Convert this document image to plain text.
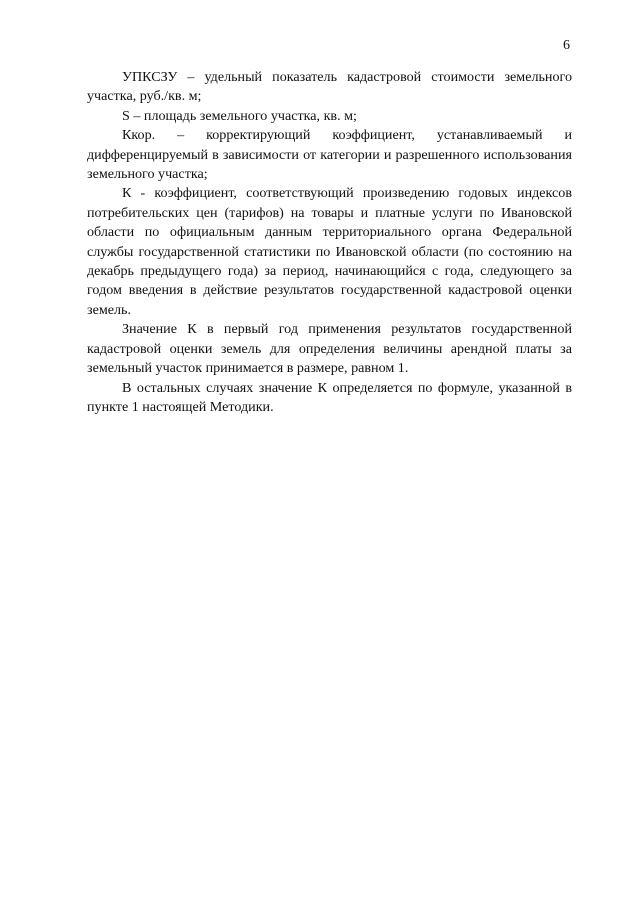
6

УПКСЗУ – удельный показатель кадастровой стоимости земельного участка, руб./кв. м;

S – площадь земельного участка, кв. м;

Ккор. – корректирующий коэффициент, устанавливаемый и дифференцируемый в зависимости от категории и разрешенного использования земельного участка;

К - коэффициент, соответствующий произведению годовых индексов потребительских цен (тарифов) на товары и платные услуги по Ивановской области по официальным данным территориального органа Федеральной службы государственной статистики по Ивановской области (по состоянию на декабрь предыдущего года) за период, начинающийся с года, следующего за годом введения в действие результатов государственной кадастровой оценки земель.

Значение К в первый год применения результатов государственной кадастровой оценки земель для определения величины арендной платы за земельный участок принимается в размере, равном 1.

В остальных случаях значение К определяется по формуле, указанной в пункте 1 настоящей Методики.
